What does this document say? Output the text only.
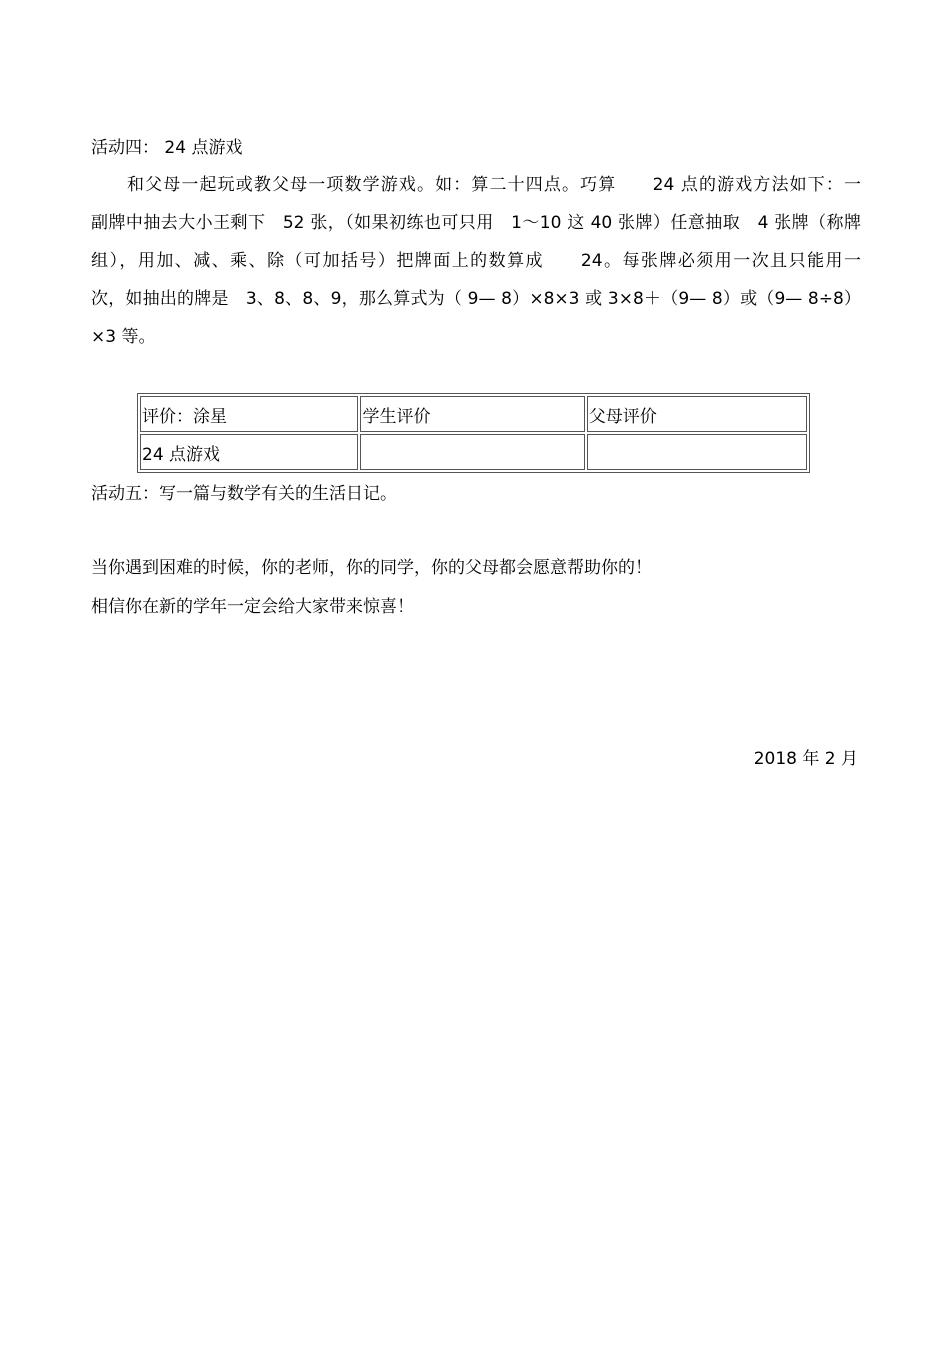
活动四： 24 点游戏
和父母一起玩或教父母一项数学游戏。如：算二十四点。巧算　　24 点的游戏方法如下：一
副牌中抽去大小王剩下　52 张，（如果初练也可只用　1～10 这 40 张牌）任意抽取　4 张牌（称牌
组），用加、减、乘、除（可加括号）把牌面上的数算成　　24。每张牌必须用一次且只能用一
次，如抽出的牌是　3、8、8、9，那么算式为（ 9— 8）×8×3 或 3×8＋（9— 8）或（9— 8÷8）
×3 等。
评价：涂星	学生评价	父母评价
24 点游戏		
活动五：写一篇与数学有关的生活日记。
当你遇到困难的时候，你的老师，你的同学，你的父母都会愿意帮助你的！
相信你在新的学年一定会给大家带来惊喜！
2018 年 2 月
